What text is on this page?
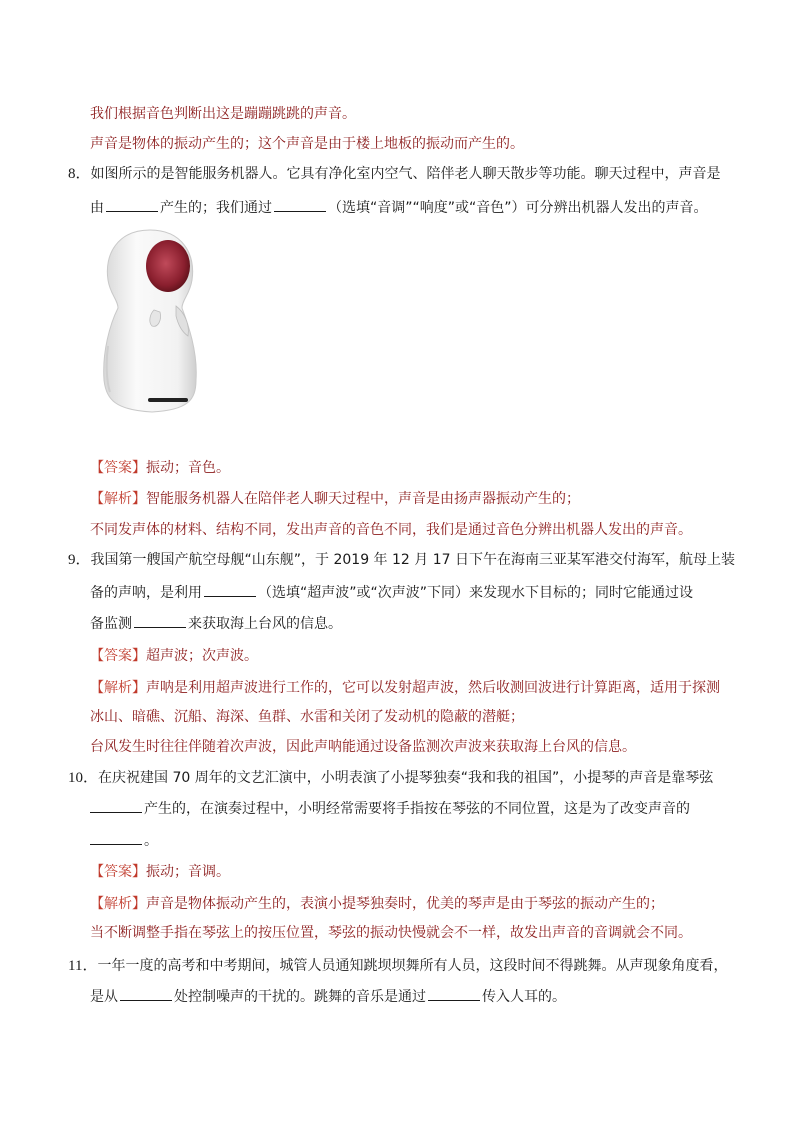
我们根据音色判断出这是蹦蹦跳跳的声音。
声音是物体的振动产生的；这个声音是由于楼上地板的振动而产生的。
8．如图所示的是智能服务机器人。它具有净化室内空气、陪伴老人聊天散步等功能。聊天过程中，声音是
由	产生的；我们通过	（选填“音调”“响度”或“音色”）可分辨出机器人发出的声音。
【答案】振动；音色。
【解析】智能服务机器人在陪伴老人聊天过程中，声音是由扬声器振动产生的；
不同发声体的材料、结构不同，发出声音的音色不同，我们是通过音色分辨出机器人发出的声音。
9．我国第一艘国产航空母舰“山东舰”，于 2019 年 12 月 17 日下午在海南三亚某军港交付海军，航母上装
备的声呐，是利用	（选填“超声波”或“次声波”下同）来发现水下目标的；同时它能通过设
备监测	来获取海上台风的信息。
【答案】超声波；次声波。
【解析】声呐是利用超声波进行工作的，它可以发射超声波，然后收测回波进行计算距离，适用于探测
冰山、暗礁、沉船、海深、鱼群、水雷和关闭了发动机的隐蔽的潜艇；
台风发生时往往伴随着次声波，因此声呐能通过设备监测次声波来获取海上台风的信息。
10．在庆祝建国 70 周年的文艺汇演中，小明表演了小提琴独奏“我和我的祖国”，小提琴的声音是靠琴弦
产生的，在演奏过程中，小明经常需要将手指按在琴弦的不同位置，这是为了改变声音的
。
【答案】振动；音调。
【解析】声音是物体振动产生的，表演小提琴独奏时，优美的琴声是由于琴弦的振动产生的；
当不断调整手指在琴弦上的按压位置，琴弦的振动快慢就会不一样，故发出声音的音调就会不同。
11．一年一度的高考和中考期间，城管人员通知跳坝坝舞所有人员，这段时间不得跳舞。从声现象角度看，
是从	处控制噪声的干扰的。跳舞的音乐是通过	传入人耳的。
